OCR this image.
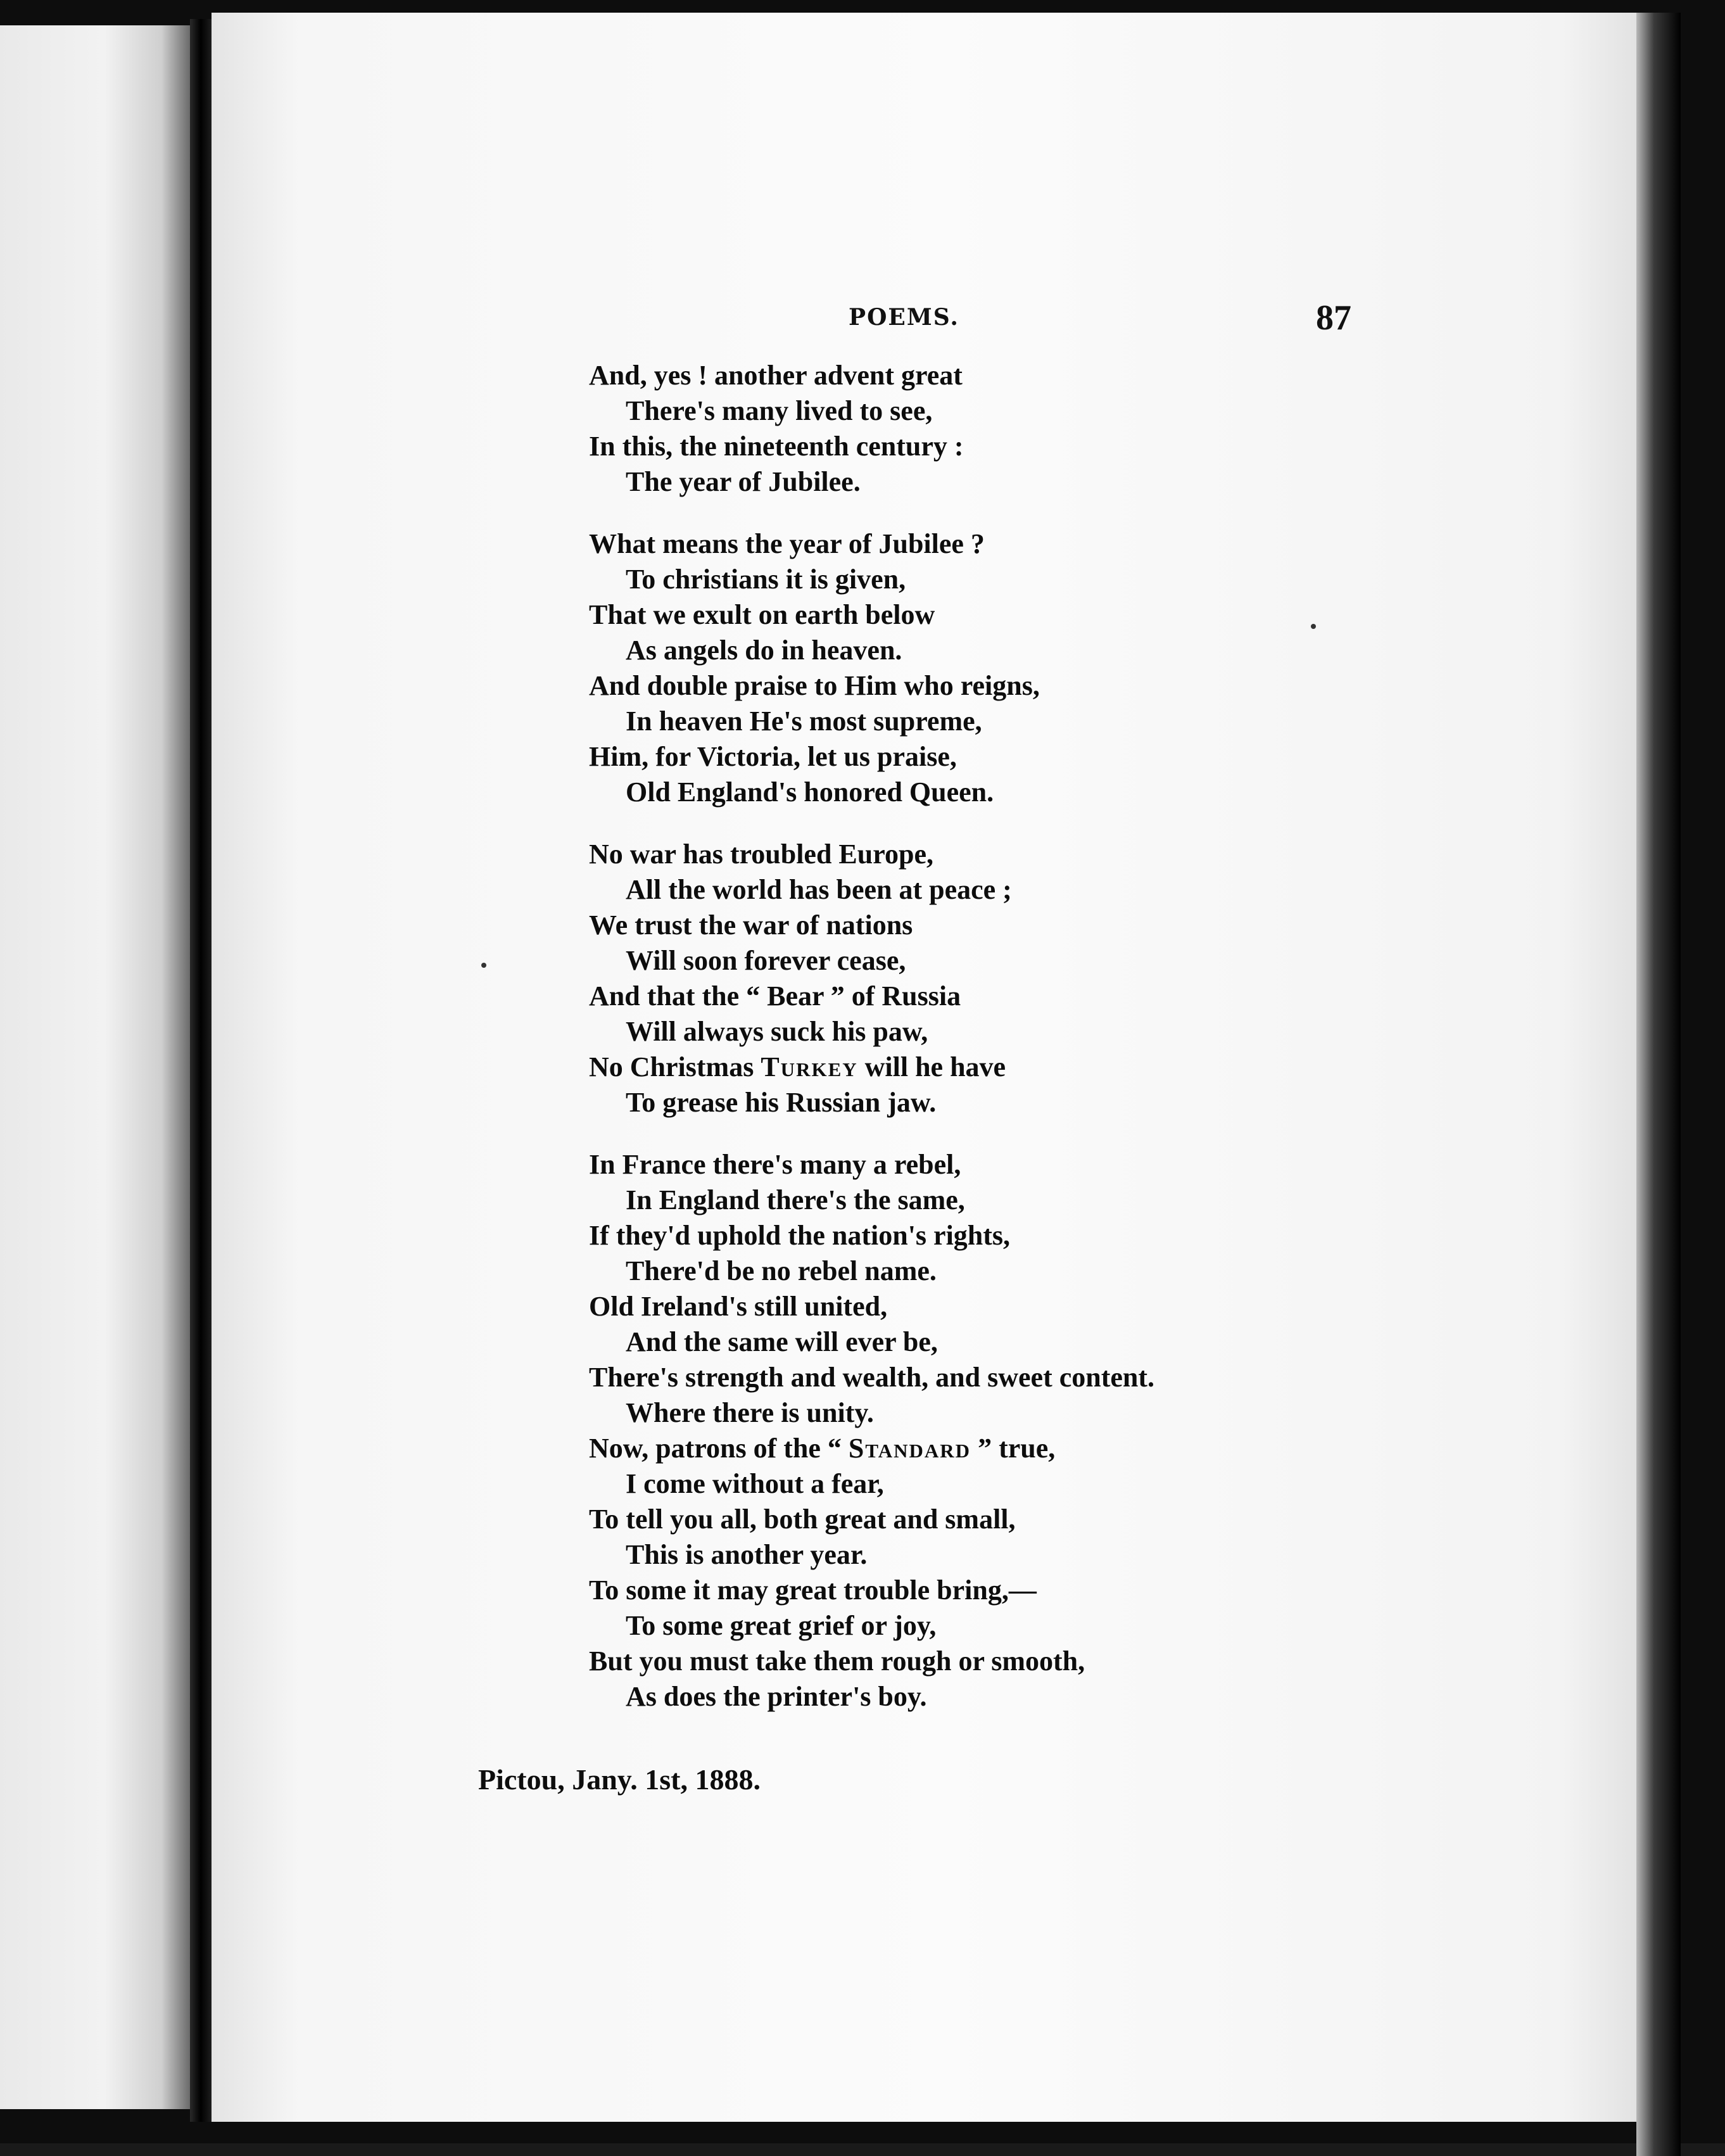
POEMS.	87
And, yes ! another advent great
There's many lived to see,
In this, the nineteenth century :
The year of Jubilee.
What means the year of Jubilee ?
To christians it is given,
That we exult on earth below
As angels do in heaven.
And double praise to Him who reigns,
In heaven He's most supreme,
Him, for Victoria, let us praise,
Old England's honored Queen.
No war has troubled Europe,
All the world has been at peace ;
We trust the war of nations
Will soon forever cease,
And that the “ Bear ” of Russia
Will always suck his paw,
No Christmas Turkey will he have
To grease his Russian jaw.
In France there's many a rebel,
In England there's the same,
If they'd uphold the nation's rights,
There'd be no rebel name.
Old Ireland's still united,
And the same will ever be,
There's strength and wealth, and sweet content.
Where there is unity.
Now, patrons of the “ Standard ” true,
I come without a fear,
To tell you all, both great and small,
This is another year.
To some it may great trouble bring,—
To some great grief or joy,
But you must take them rough or smooth,
As does the printer's boy.
Pictou, Jany. 1st, 1888.
